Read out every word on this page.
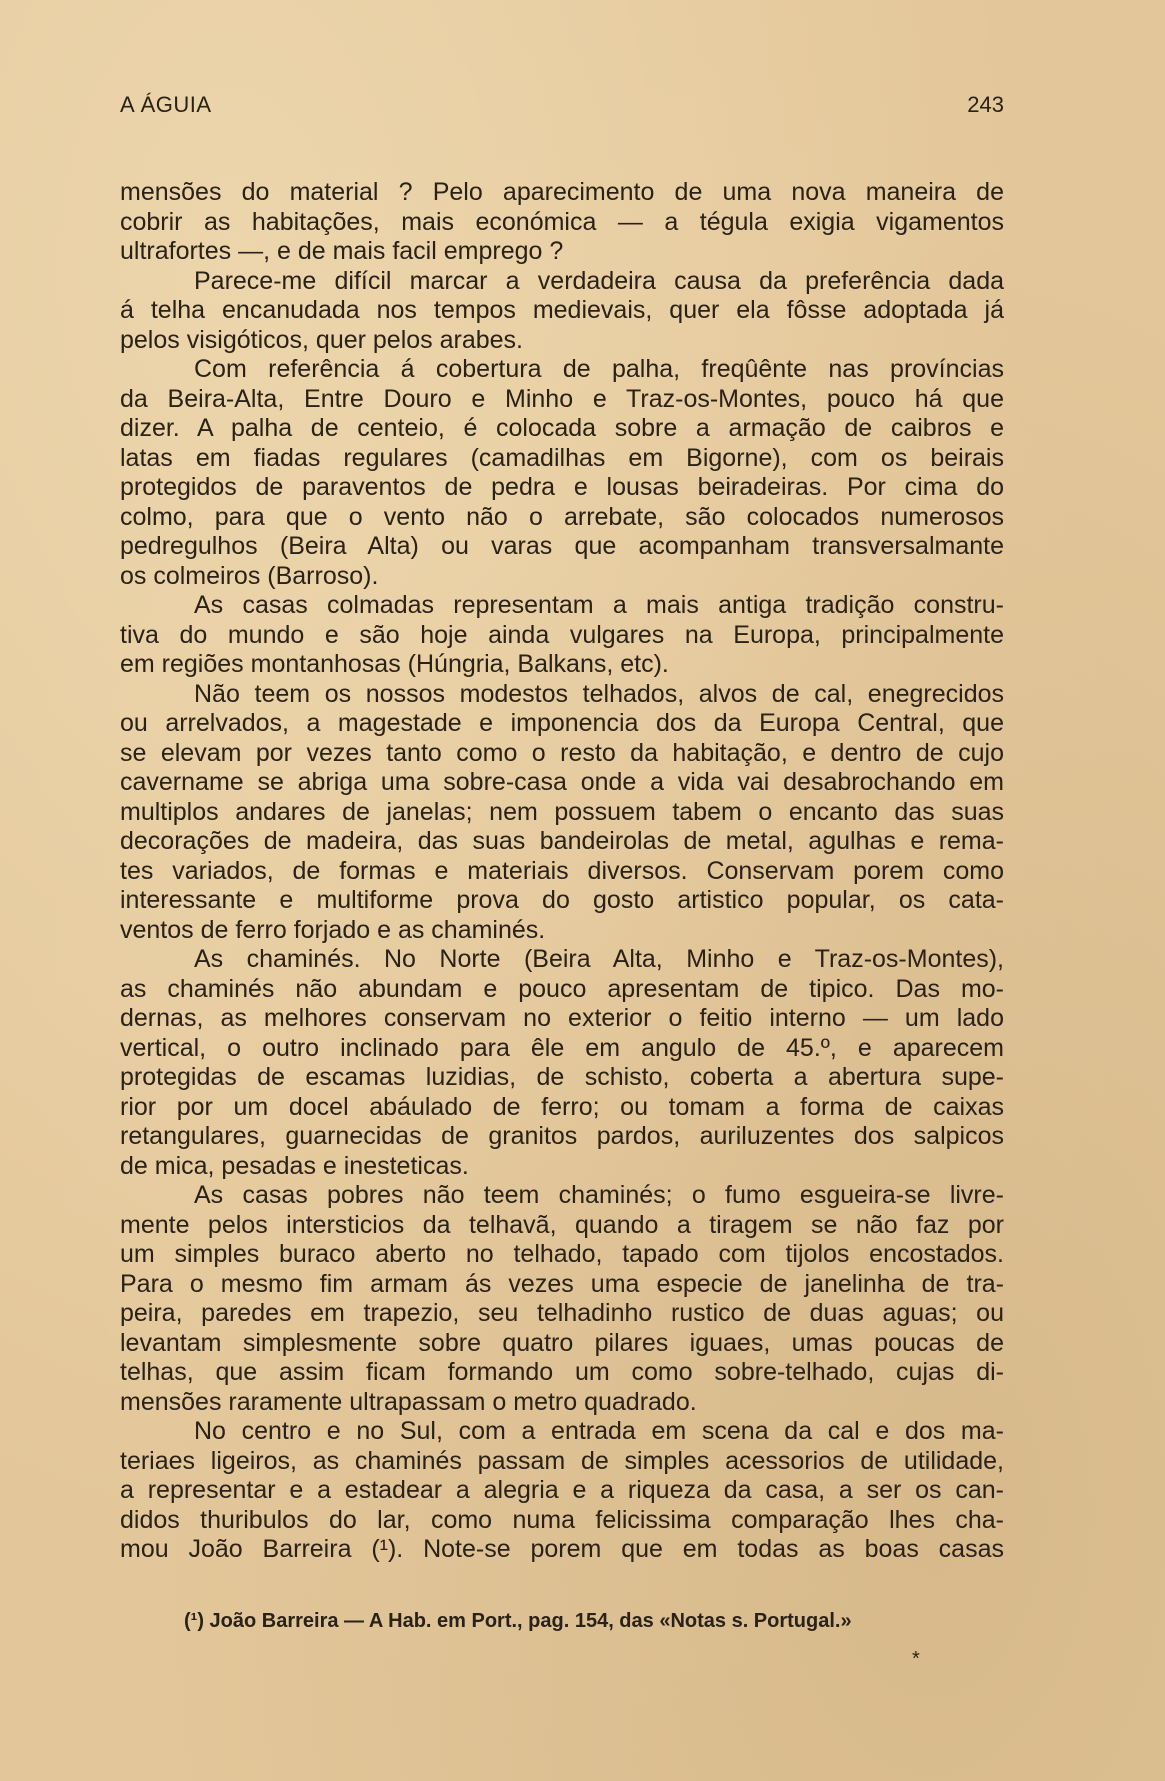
A ÁGUIA	243
mensões do material ? Pelo aparecimento de uma nova maneira de
cobrir as habitações, mais económica — a tégula exigia vigamentos
ultrafortes —, e de mais facil emprego ?
Parece-me difícil marcar a verdadeira causa da preferência dada
á telha encanudada nos tempos medievais, quer ela fôsse adoptada já
pelos visigóticos, quer pelos arabes.
Com referência á cobertura de palha, freqûênte nas províncias
da Beira-Alta, Entre Douro e Minho e Traz-os-Montes, pouco há que
dizer. A palha de centeio, é colocada sobre a armação de caibros e
latas em fiadas regulares (camadilhas em Bigorne), com os beirais
protegidos de paraventos de pedra e lousas beiradeiras. Por cima do
colmo, para que o vento não o arrebate, são colocados numerosos
pedregulhos (Beira Alta) ou varas que acompanham transversalmante
os colmeiros (Barroso).
As casas colmadas representam a mais antiga tradição constru-
tiva do mundo e são hoje ainda vulgares na Europa, principalmente
em regiões montanhosas (Húngria, Balkans, etc).
Não teem os nossos modestos telhados, alvos de cal, enegrecidos
ou arrelvados, a magestade e imponencia dos da Europa Central, que
se elevam por vezes tanto como o resto da habitação, e dentro de cujo
cavername se abriga uma sobre-casa onde a vida vai desabrochando em
multiplos andares de janelas; nem possuem tabem o encanto das suas
decorações de madeira, das suas bandeirolas de metal, agulhas e rema-
tes variados, de formas e materiais diversos. Conservam porem como
interessante e multiforme prova do gosto artistico popular, os cata-
ventos de ferro forjado e as chaminés.
As chaminés. No Norte (Beira Alta, Minho e Traz-os-Montes),
as chaminés não abundam e pouco apresentam de tipico. Das mo-
dernas, as melhores conservam no exterior o feitio interno — um lado
vertical, o outro inclinado para êle em angulo de 45.º, e aparecem
protegidas de escamas luzidias, de schisto, coberta a abertura supe-
rior por um docel abáulado de ferro; ou tomam a forma de caixas
retangulares, guarnecidas de granitos pardos, auriluzentes dos salpicos
de mica, pesadas e inesteticas.
As casas pobres não teem chaminés; o fumo esgueira-se livre-
mente pelos intersticios da telhavã, quando a tiragem se não faz por
um simples buraco aberto no telhado, tapado com tijolos encostados.
Para o mesmo fim armam ás vezes uma especie de janelinha de tra-
peira, paredes em trapezio, seu telhadinho rustico de duas aguas; ou
levantam simplesmente sobre quatro pilares iguaes, umas poucas de
telhas, que assim ficam formando um como sobre-telhado, cujas di-
mensões raramente ultrapassam o metro quadrado.
No centro e no Sul, com a entrada em scena da cal e dos ma-
teriaes ligeiros, as chaminés passam de simples acessorios de utilidade,
a representar e a estadear a alegria e a riqueza da casa, a ser os can-
didos thuribulos do lar, como numa felicissima comparação lhes cha-
mou João Barreira (¹). Note-se porem que em todas as boas casas
(¹) João Barreira — A Hab. em Port., pag. 154, das «Notas s. Portugal.»
*
